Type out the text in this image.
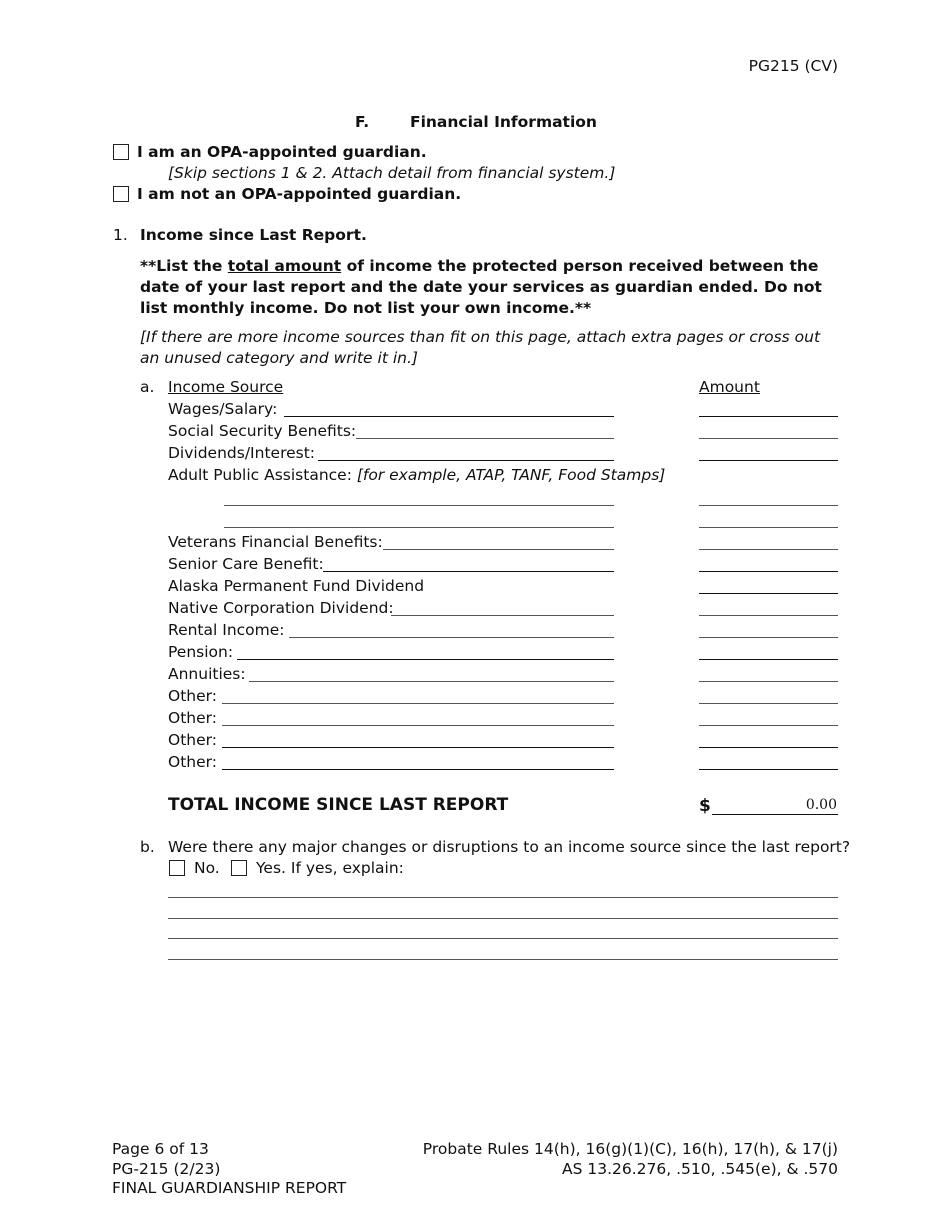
PG215 (CV)
F.	Financial Information
I am an OPA-appointed guardian.
[Skip sections 1 & 2. Attach detail from financial system.]
I am not an OPA-appointed guardian.
1. Income since Last Report.

**List the total amount of income the protected person received between the date of your last report and the date your services as guardian ended. Do not list monthly income. Do not list your own income.**

[If there are more income sources than fit on this page, attach extra pages or cross out an unused category and write it in.]

a. Income Source	Amount
Wages/Salary:
Social Security Benefits:
Dividends/Interest:
Adult Public Assistance: [for example, ATAP, TANF, Food Stamps]
Veterans Financial Benefits:
Senior Care Benefit:
Alaska Permanent Fund Dividend
Native Corporation Dividend:
Rental Income:
Pension:
Annuities:
Other:
Other:
Other:
Other:
TOTAL INCOME SINCE LAST REPORT	$	0.00
b. Were there any major changes or disruptions to an income source since the last report?
No. Yes. If yes, explain:
Page 6 of 13
PG-215 (2/23)
FINAL GUARDIANSHIP REPORT
Probate Rules 14(h), 16(g)(1)(C), 16(h), 17(h), & 17(j)
AS 13.26.276, .510, .545(e), & .570
